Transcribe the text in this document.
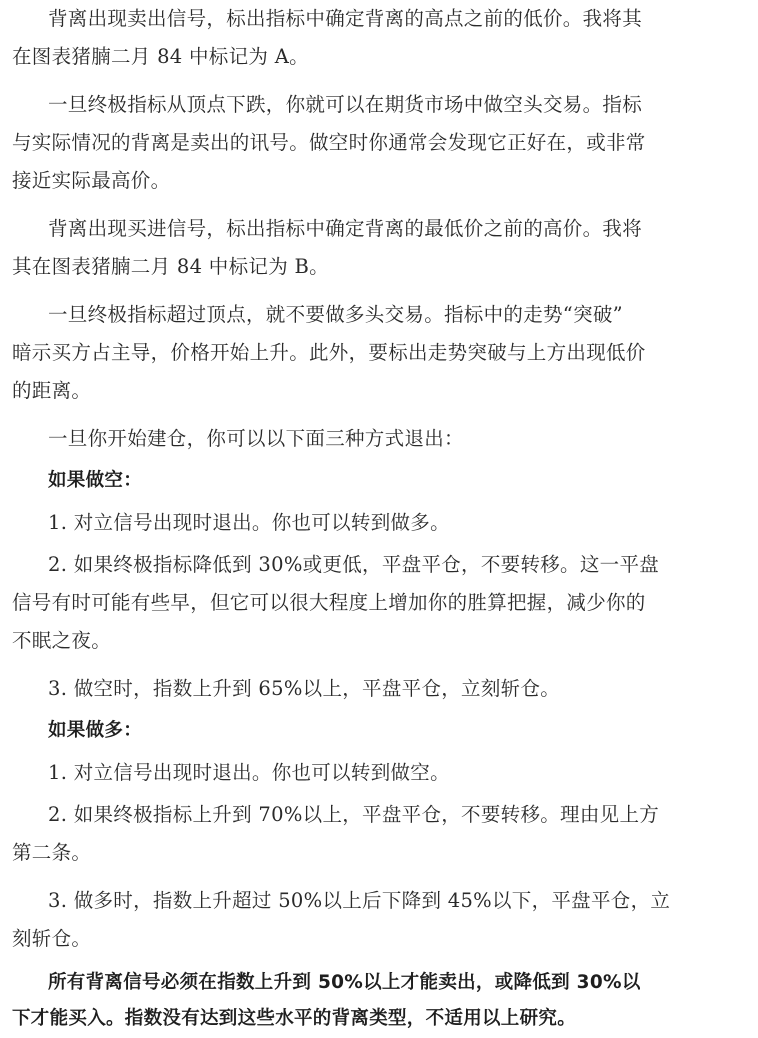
背离出现卖出信号，标出指标中确定背离的高点之前的低价。我将其
在图表猪腩二月 84 中标记为 A。
一旦终极指标从顶点下跌，你就可以在期货市场中做空头交易。指标
与实际情况的背离是卖出的讯号。做空时你通常会发现它正好在，或非常
接近实际最高价。
背离出现买进信号，标出指标中确定背离的最低价之前的高价。我将
其在图表猪腩二月 84 中标记为 B。
一旦终极指标超过顶点，就不要做多头交易。指标中的走势“突破”
暗示买方占主导，价格开始上升。此外，要标出走势突破与上方出现低价
的距离。
一旦你开始建仓，你可以以下面三种方式退出：
如果做空：
1. 对立信号出现时退出。你也可以转到做多。
2. 如果终极指标降低到 30%或更低，平盘平仓，不要转移。这一平盘
信号有时可能有些早，但它可以很大程度上增加你的胜算把握，减少你的
不眠之夜。
3. 做空时，指数上升到 65%以上，平盘平仓，立刻斩仓。
如果做多：
1. 对立信号出现时退出。你也可以转到做空。
2. 如果终极指标上升到 70%以上，平盘平仓，不要转移。理由见上方
第二条。
3. 做多时，指数上升超过 50%以上后下降到 45%以下，平盘平仓，立
刻斩仓。
所有背离信号必须在指数上升到 50%以上才能卖出，或降低到 30%以
下才能买入。指数没有达到这些水平的背离类型，不适用以上研究。
